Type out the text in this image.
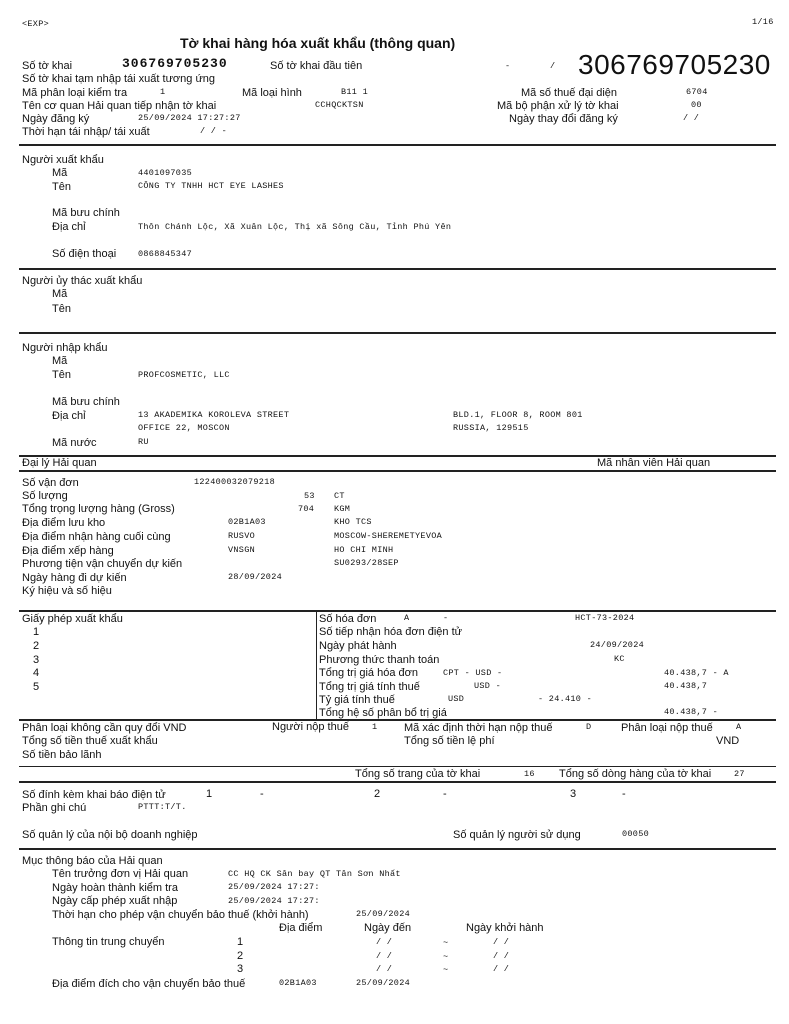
<EXP>	1/16
Tờ khai hàng hóa xuất khẩu (thông quan)
Số tờ khai	306769705230	Số tờ khai đầu tiên	-	/ 306769705230
Số tờ khai tạm nhập tái xuất tương ứng
Mã phân loại kiểm tra	1	Mã loại hình	B11 1	Mã số thuế đại diện	6704
Tên cơ quan Hải quan tiếp nhận tờ khai	CCHQCKTSN	Mã bộ phận xử lý tờ khai	00
Ngày đăng ký	25/09/2024 17:27:27	Ngày thay đổi đăng ký	/ /
Thời hạn tái nhập/ tái xuất	/ / -
Người xuất khẩu
Mã	4401097035
Tên	CÔNG TY TNHH HCT EYE LASHES
Mã bưu chính
Địa chỉ	Thôn Chánh Lộc, Xã Xuân Lộc, Thị xã Sông Cầu, Tỉnh Phú Yên
Số điện thoại	0868845347
Người ủy thác xuất khẩu
Mã
Tên
Người nhập khẩu
Mã
Tên	PROFCOSMETIC, LLC
Mã bưu chính
Địa chỉ	13 AKADEMIKA KOROLEVA STREET	BLD.1, FLOOR 8, ROOM 801
OFFICE 22, MOSCON	RUSSIA, 129515
Mã nước	RU
Đại lý Hải quan	Mã nhân viên Hải quan
Số vận đơn	122400032079218
Số lượng	53 CT
Tổng trọng lượng hàng (Gross)	704 KGM
Địa điểm lưu kho	02B1A03	KHO TCS
Địa điểm nhận hàng cuối cùng	RUSVO	MOSCOW-SHEREMETYEVOA
Địa điểm xếp hàng	VNSGN	HO CHI MINH
Phương tiện vận chuyển dự kiến	SU0293/28SEP
Ngày hàng đi dự kiến	28/09/2024
Ký hiệu và số hiệu
Giấy phép xuất khẩu
1
2
3
4
5
Số hóa đơn	A	-	HCT-73-2024
Số tiếp nhận hóa đơn điện tử
Ngày phát hành	24/09/2024
Phương thức thanh toán	KC
Tổng trị giá hóa đơn	CPT - USD -	40.438,7 - A
Tổng trị giá tính thuế	USD -	40.438,7
Tỷ giá tính thuế	USD	- 24.410 -
Tổng hệ số phân bổ trị giá	40.438,7 -
Phân loại không cần quy đổi VND	Người nộp thuế	1 Mã xác định thời hạn nộp thuế	D	Phân loại nộp thuế	A
Tổng số tiền thuế xuất khẩu	Tổng số tiền lệ phí	VND
Số tiền bảo lãnh
Tổng số trang của tờ khai	16 Tổng số dòng hàng của tờ khai	27
Số đính kèm khai báo điện tử	1	-	2	-	3	-
Phần ghi chú	PTTT:T/T.
Số quản lý của nội bộ doanh nghiệp	Số quản lý người sử dụng	00050
Mục thông báo của Hải quan
Tên trưởng đơn vị Hải quan	CC HQ CK Sân bay QT Tân Sơn Nhất
Ngày hoàn thành kiểm tra	25/09/2024 17:27:
Ngày cấp phép xuất nhập	25/09/2024 17:27:
Thời hạn cho phép vận chuyển bảo thuế (khởi hành)	25/09/2024
Địa điểm	Ngày đến	Ngày khởi hành
Thông tin trung chuyển	1	/ /	~	/ /
2	/ /	~	/ /
3	/ /	~	/ /
Địa điểm đích cho vận chuyển bảo thuế	02B1A03	25/09/2024
